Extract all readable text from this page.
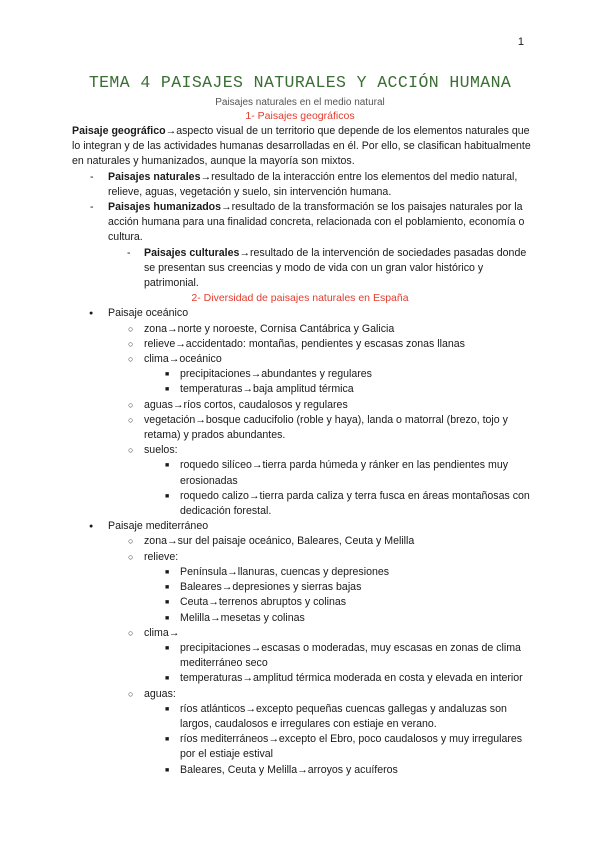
1
TEMA 4 PAISAJES NATURALES Y ACCIÓN HUMANA
Paisajes naturales en el medio natural
1- Paisajes geográficos

Paisaje geográfico→aspecto visual de un territorio que depende de los elementos naturales que lo integran y de las actividades humanas desarrolladas en él. Por ello, se clasifican habitualmente en naturales y humanizados, aunque la mayoría son mixtos.

- Paisajes naturales→resultado de la interacción entre los elementos del medio natural, relieve, aguas, vegetación y suelo, sin intervención humana.
- Paisajes humanizados→resultado de la transformación se los paisajes naturales por la acción humana para una finalidad concreta, relacionada con el poblamiento, economía o cultura.
- Paisajes culturales→resultado de la intervención de sociedades pasadas donde se presentan sus creencias y modo de vida con un gran valor histórico y patrimonial.
2- Diversidad de paisajes naturales en España
● Paisaje oceánico
○ zona→norte y noroeste, Cornisa Cantábrica y Galicia
○ relieve→accidentado: montañas, pendientes y escasas zonas llanas
○ clima→oceánico
■ precipitaciones→abundantes y regulares
■ temperaturas→baja amplitud térmica
○ aguas→ríos cortos, caudalosos y regulares
○ vegetación→bosque caducifolio (roble y haya), landa o matorral (brezo, tojo y retama) y prados abundantes.
○ suelos:
■ roquedo silíceo→tierra parda húmeda y ránker en las pendientes muy erosionadas
■ roquedo calizo→tierra parda caliza y terra fusca en áreas montañosas con dedicación forestal.
● Paisaje mediterráneo
○ zona→sur del paisaje oceánico, Baleares, Ceuta y Melilla
○ relieve:
■ Península→llanuras, cuencas y depresiones
■ Baleares→depresiones y sierras bajas
■ Ceuta→terrenos abruptos y colinas
■ Melilla→mesetas y colinas
○ clima→
■ precipitaciones→escasas o moderadas, muy escasas en zonas de clima mediterráneo seco
■ temperaturas→amplitud térmica moderada en costa y elevada en interior
○ aguas:
■ ríos atlánticos→excepto pequeñas cuencas gallegas y andaluzas son largos, caudalosos e irregulares con estiaje en verano.
■ ríos mediterráneos→excepto el Ebro, poco caudalosos y muy irregulares por el estiaje estival
■ Baleares, Ceuta y Melilla→arroyos y acuíferos
